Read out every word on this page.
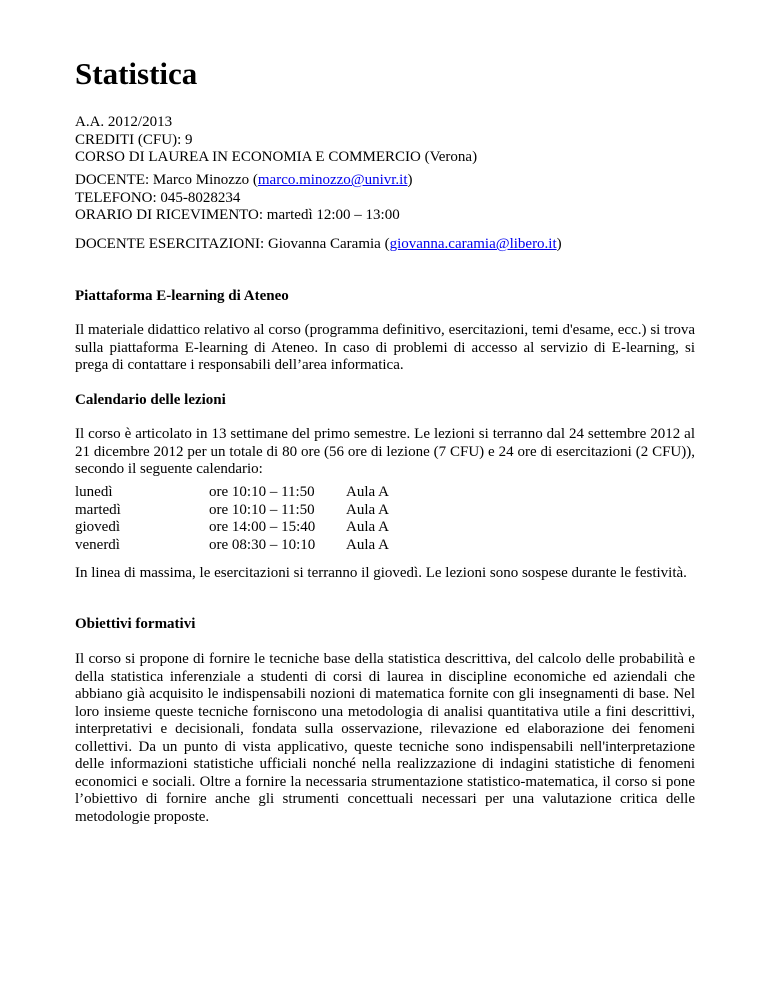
Statistica
A.A. 2012/2013
CREDITI (CFU): 9
CORSO DI LAUREA IN ECONOMIA E COMMERCIO (Verona)
DOCENTE: Marco Minozzo (marco.minozzo@univr.it)
TELEFONO: 045-8028234
ORARIO DI RICEVIMENTO: martedì 12:00 – 13:00
DOCENTE ESERCITAZIONI: Giovanna Caramia (giovanna.caramia@libero.it)
Piattaforma E-learning di Ateneo
Il materiale didattico relativo al corso (programma definitivo, esercitazioni, temi d'esame, ecc.) si trova sulla piattaforma E-learning di Ateneo. In caso di problemi di accesso al servizio di E-learning, si prega di contattare i responsabili dell’area informatica.
Calendario delle lezioni
Il corso è articolato in 13 settimane del primo semestre. Le lezioni si terranno dal 24 settembre 2012 al 21 dicembre 2012 per un totale di 80 ore (56 ore di lezione (7 CFU) e 24 ore di esercitazioni (2 CFU)), secondo il seguente calendario:
lunedì	ore 10:10 – 11:50 Aula A
martedì	ore 10:10 – 11:50 Aula A
giovedì	ore 14:00 – 15:40 Aula A
venerdì	ore 08:30 – 10:10 Aula A
In linea di massima, le esercitazioni si terranno il giovedì. Le lezioni sono sospese durante le festività.
Obiettivi formativi
Il corso si propone di fornire le tecniche base della statistica descrittiva, del calcolo delle probabilità e della statistica inferenziale a studenti di corsi di laurea in discipline economiche ed aziendali che abbiano già acquisito le indispensabili nozioni di matematica fornite con gli insegnamenti di base. Nel loro insieme queste tecniche forniscono una metodologia di analisi quantitativa utile a fini descrittivi, interpretativi e decisionali, fondata sulla osservazione, rilevazione ed elaborazione dei fenomeni collettivi. Da un punto di vista applicativo, queste tecniche sono indispensabili nell'interpretazione delle informazioni statistiche ufficiali nonché nella realizzazione di indagini statistiche di fenomeni economici e sociali. Oltre a fornire la necessaria strumentazione statistico-matematica, il corso si pone l’obiettivo di fornire anche gli strumenti concettuali necessari per una valutazione critica delle metodologie proposte.
